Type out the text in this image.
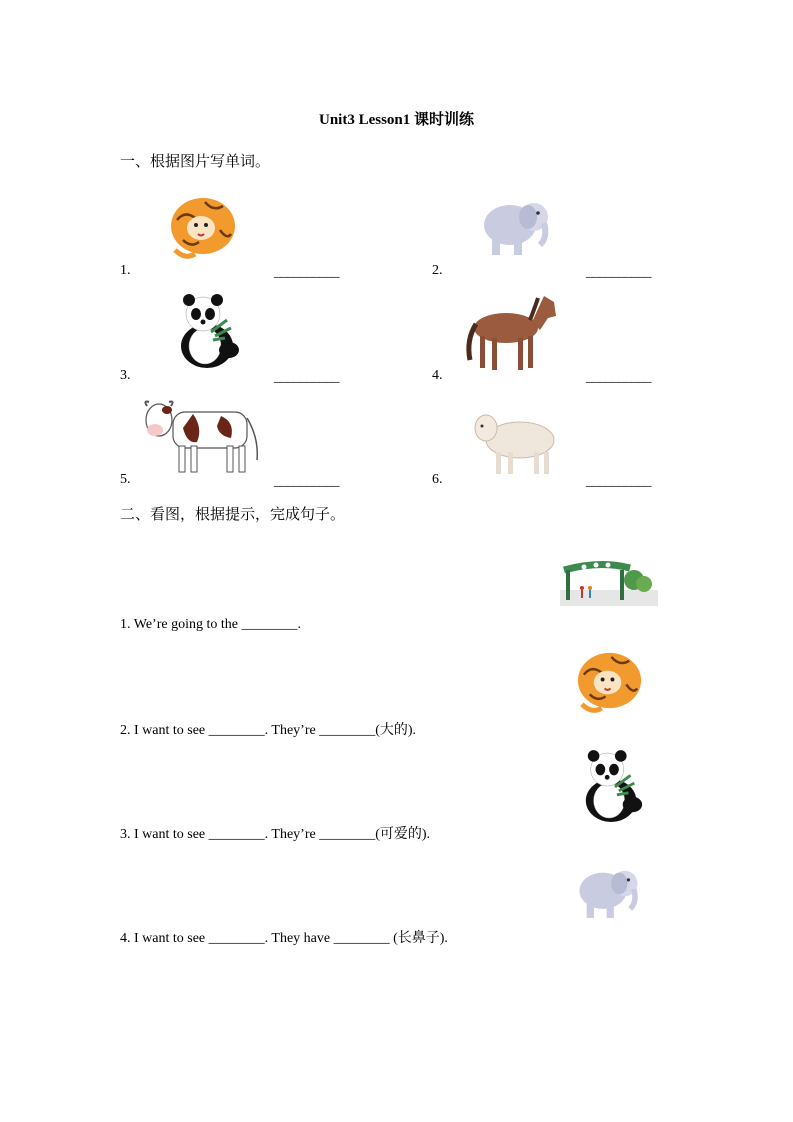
Unit3 Lesson1 课时训练
一、根据图片写单词。
1.	__________	2.	__________
3.	__________	4.	__________
5.	__________	6.	__________
二、看图，根据提示，完成句子。
1. We’re going to the ________.
2. I want to see ________. They’re ________(大的).
3. I want to see ________. They’re ________(可爱的).
4. I want to see ________. They have ________ (长鼻子).
